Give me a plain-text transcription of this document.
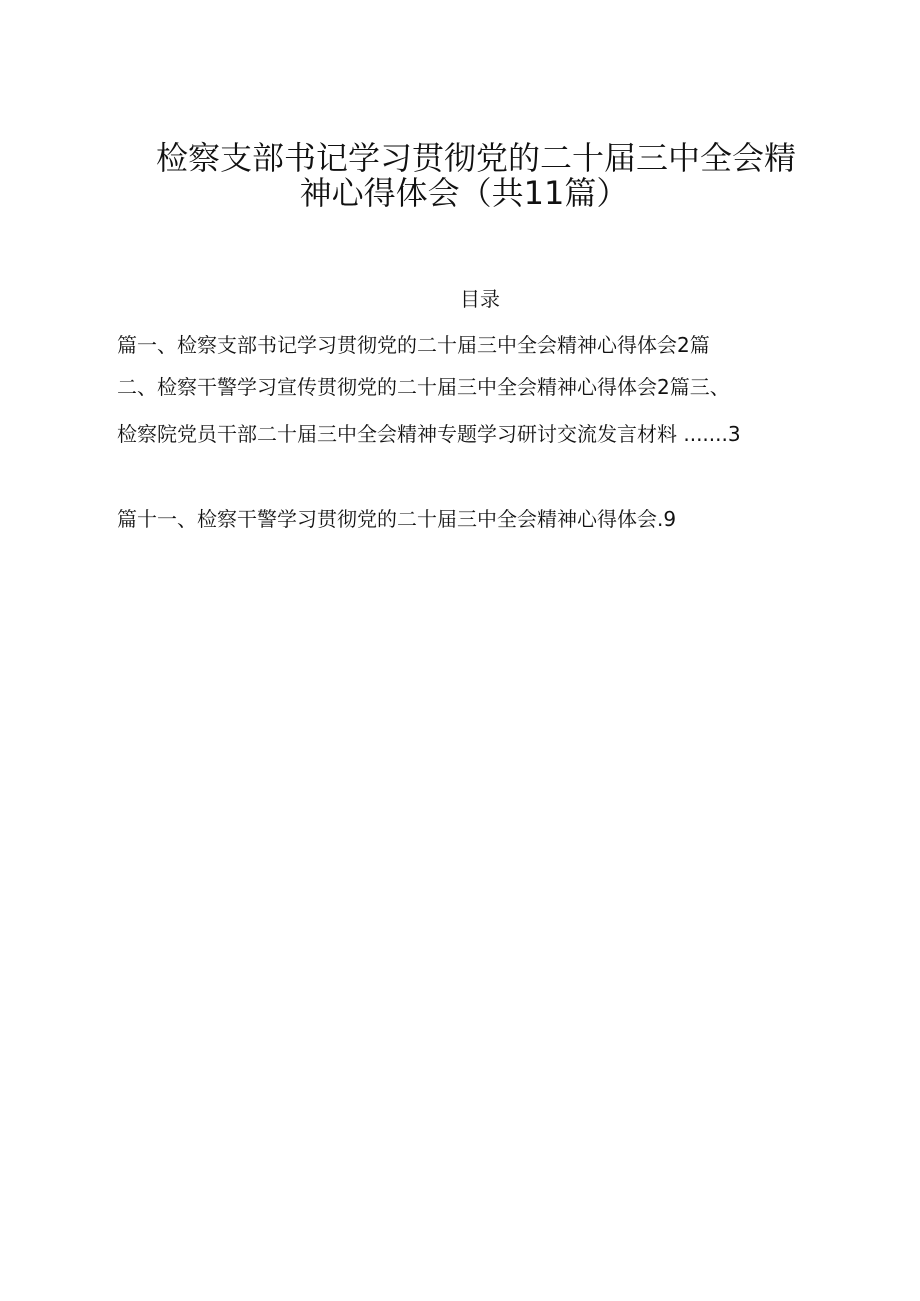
检察支部书记学习贯彻党的二十届三中全会精
神心得体会（共11篇）
目录
篇一、检察支部书记学习贯彻党的二十届三中全会精神心得体会2篇
二、检察干警学习宣传贯彻党的二十届三中全会精神心得体会2篇三、
检察院党员干部二十届三中全会精神专题学习研讨交流发言材料 .......3
篇十一、检察干警学习贯彻党的二十届三中全会精神心得体会.9
